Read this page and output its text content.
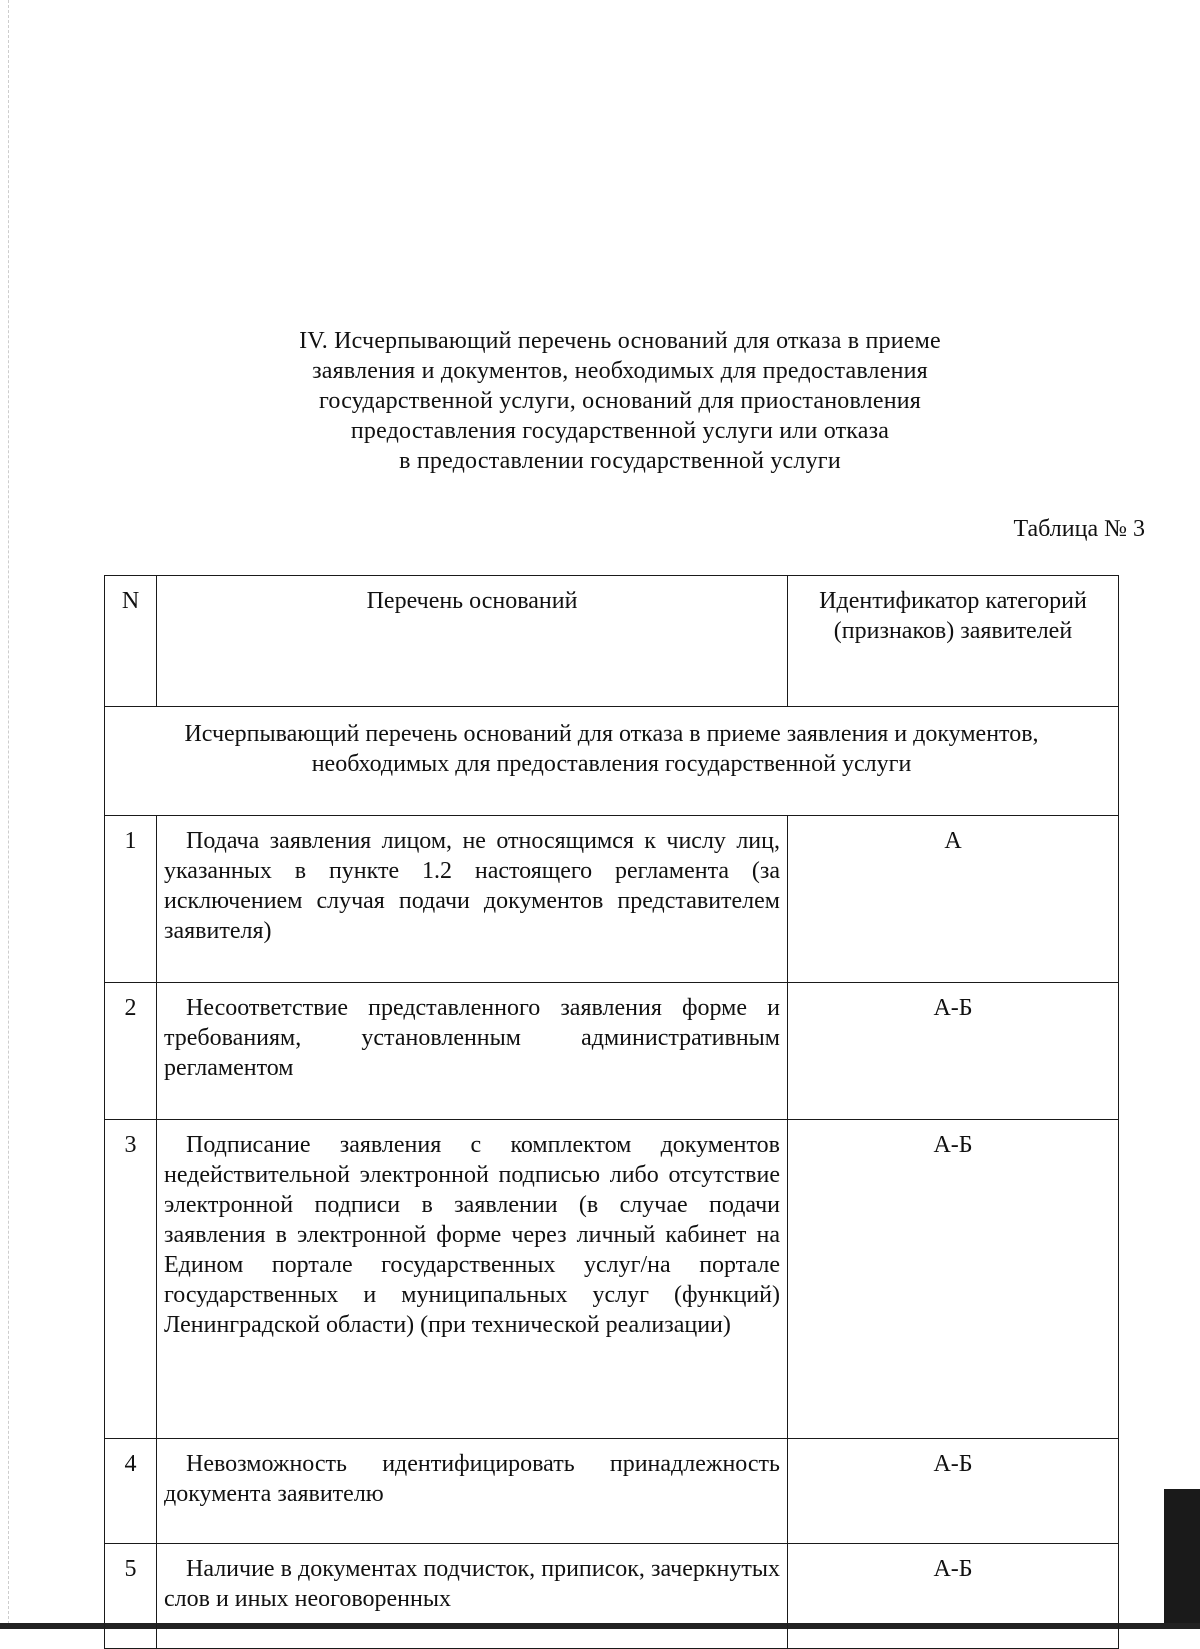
IV. Исчерпывающий перечень оснований для отказа в приеме
заявления и документов, необходимых для предоставления
государственной услуги, оснований для приостановления
предоставления государственной услуги или отказа
в предоставлении государственной услуги
Таблица № 3
N	Перечень оснований	Идентификатор категорий (признаков) заявителей
Исчерпывающий перечень оснований для отказа в приеме заявления и документов, необходимых для предоставления государственной услуги		
1	Подача заявления лицом, не относящимся к числу лиц, указанных в пункте 1.2 настоящего регламента (за исключением случая подачи документов представителем заявителя)	А
2	Несоответствие представленного заявления форме и требованиям, установленным административным регламентом	А-Б
3	Подписание заявления с комплектом документов недействительной электронной подписью либо отсутствие электронной подписи в заявлении (в случае подачи заявления в электронной форме через личный кабинет на Едином портале государственных услуг/на портале государственных и муниципальных услуг (функций) Ленинградской области) (при технической реализации)	А-Б
4	Невозможность идентифицировать принадлежность документа заявителю	А-Б
5	Наличие в документах подчисток, приписок, зачеркнутых слов и иных неоговоренных	А-Б
